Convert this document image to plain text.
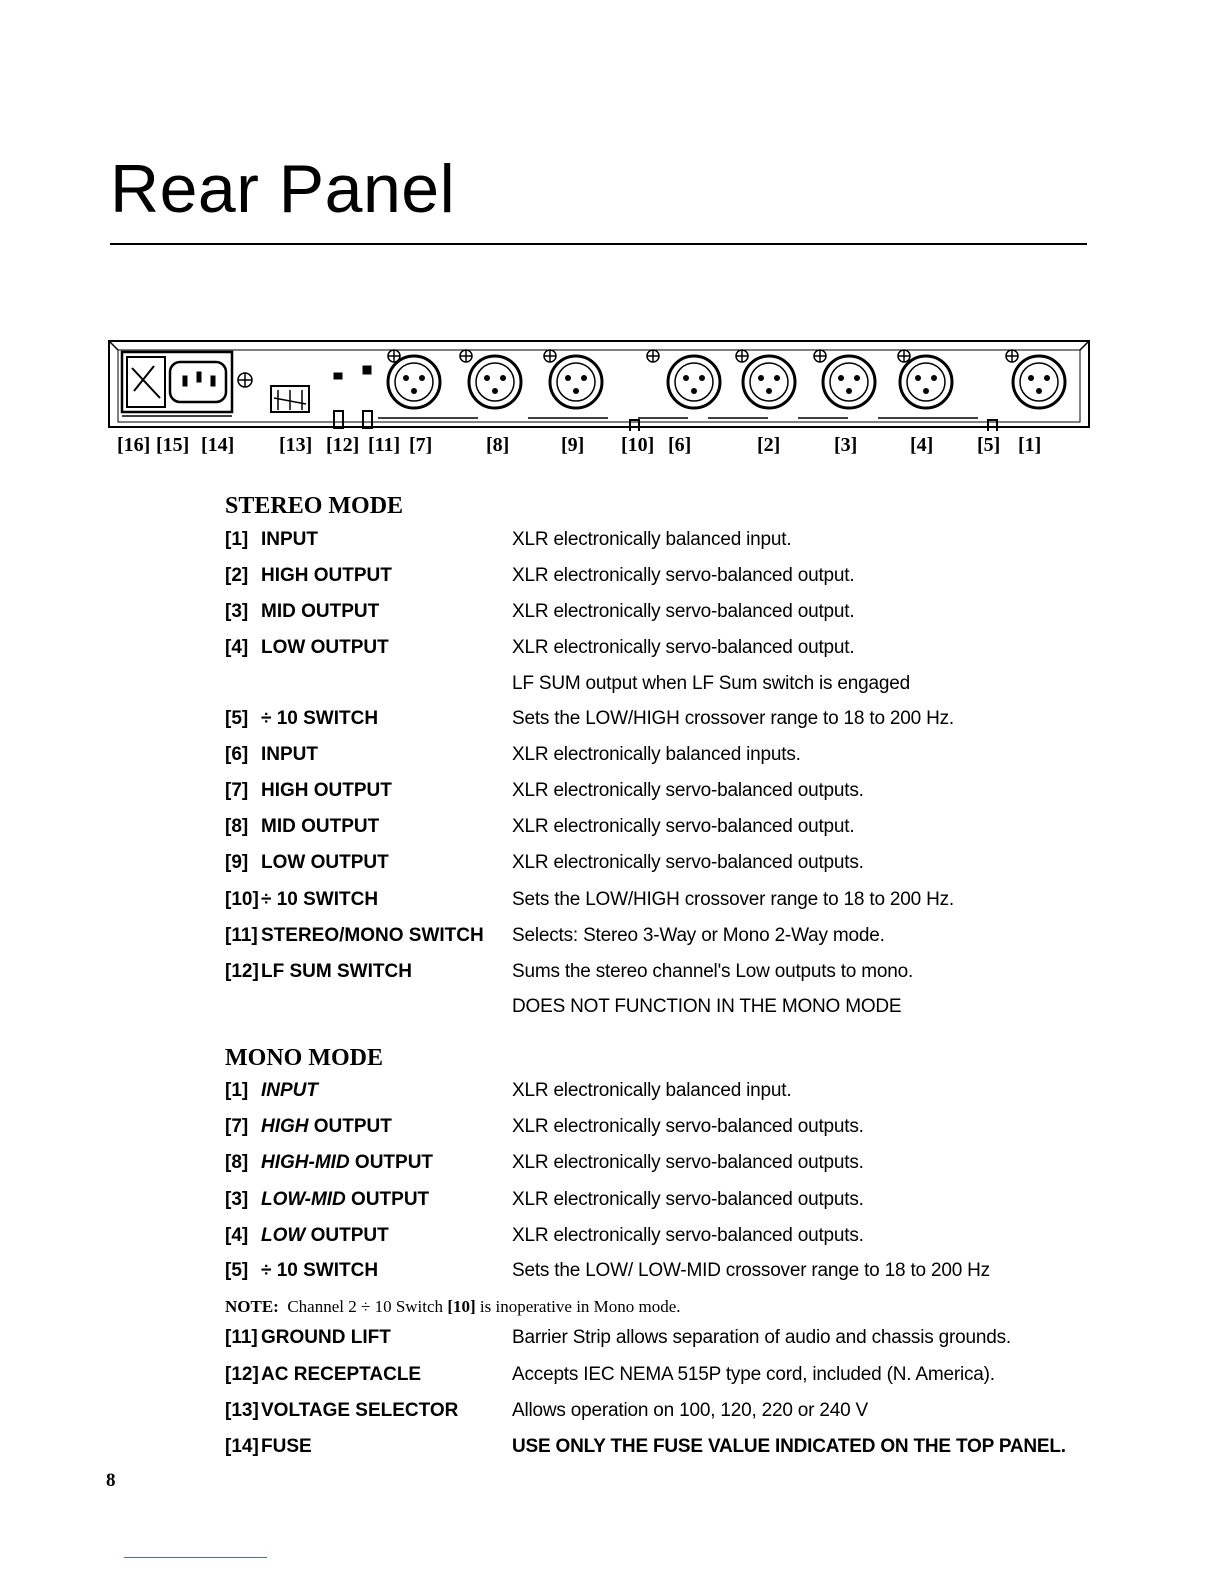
Rear Panel
[16] [15] [14] [13] [12] [11] [7]	[8]	[9] [10] [6]	[2]	[3]	[4] [5] [1]
STEREO MODE
[1] INPUT	XLR electronically balanced input.
[2] HIGH OUTPUT	XLR electronically servo-balanced output.
[3] MID OUTPUT	XLR electronically servo-balanced output.
[4] LOW OUTPUT	XLR electronically servo-balanced output.
LF SUM output when LF Sum switch is engaged
[5] ÷ 10 SWITCH	Sets the LOW/HIGH crossover range to 18 to 200 Hz.
[6] INPUT	XLR electronically balanced inputs.
[7] HIGH OUTPUT	XLR electronically servo-balanced outputs.
[8] MID OUTPUT	XLR electronically servo-balanced output.
[9] LOW OUTPUT	XLR electronically servo-balanced outputs.
[10] ÷ 10 SWITCH	Sets the LOW/HIGH crossover range to 18 to 200 Hz.
[11] STEREO/MONO SWITCH Selects: Stereo 3-Way or Mono 2-Way mode.
[12] LF SUM SWITCH	Sums the stereo channel's Low outputs to mono.
DOES NOT FUNCTION IN THE MONO MODE
MONO MODE
[1] INPUT	XLR electronically balanced input.
[7] HIGH OUTPUT	XLR electronically servo-balanced outputs.
[8] HIGH-MID OUTPUT	XLR electronically servo-balanced outputs.
[3] LOW-MID OUTPUT	XLR electronically servo-balanced outputs.
[4] LOW OUTPUT	XLR electronically servo-balanced outputs.
[5] ÷ 10 SWITCH	Sets the LOW/ LOW-MID crossover range to 18 to 200 Hz
NOTE: Channel 2 ÷ 10 Switch [10] is inoperative in Mono mode.
[11] GROUND LIFT	Barrier Strip allows separation of audio and chassis grounds.
[12] AC RECEPTACLE	Accepts IEC NEMA 515P type cord, included (N. America).
[13] VOLTAGE SELECTOR	Allows operation on 100, 120, 220 or 240 V
[14] FUSE	USE ONLY THE FUSE VALUE INDICATED ON THE TOP PANEL.
8
